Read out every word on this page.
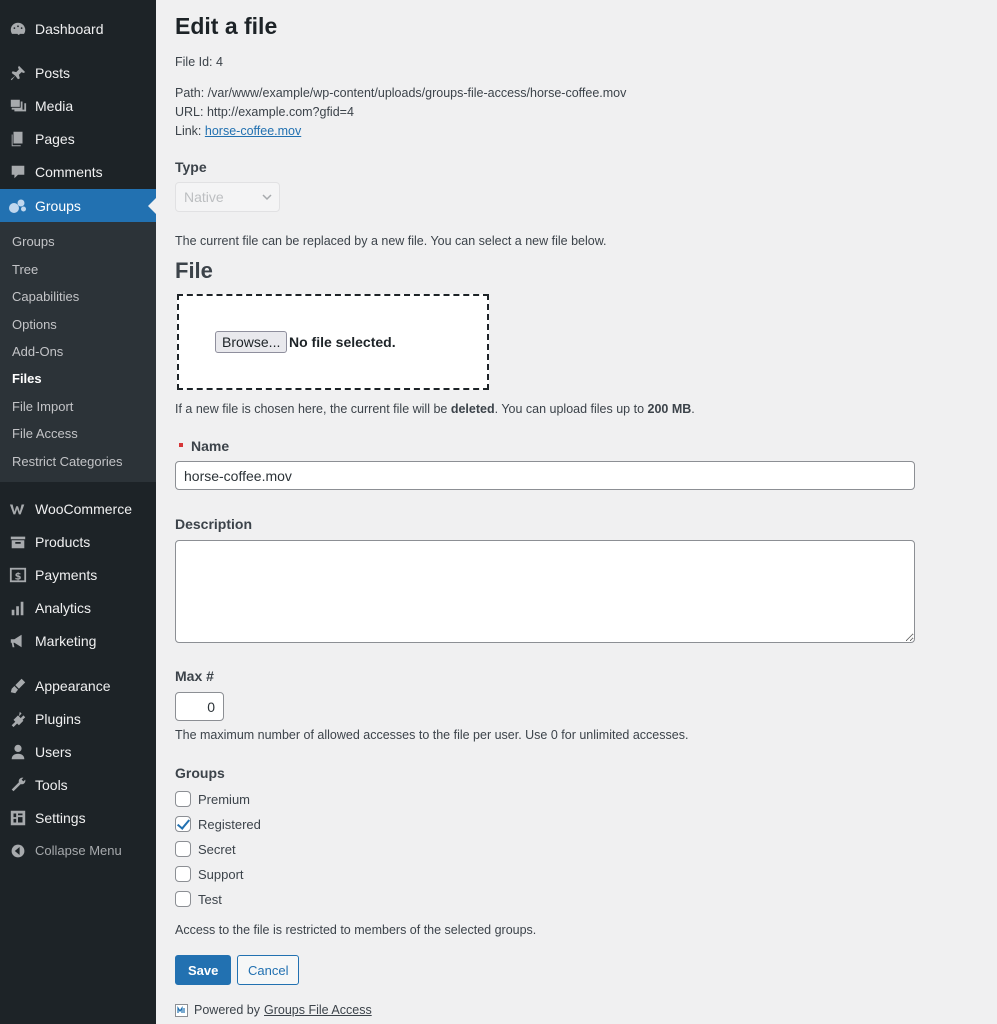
Dashboard
Posts
Media
Pages
Comments
Groups
Groups
Tree
Capabilities
Options
Add-Ons
Files
File Import
File Access
Restrict Categories
WooCommerce
Products
$ Payments
Analytics
Marketing
Appearance
Plugins
Users
Tools
Settings
Collapse Menu
Edit a file
File Id: 4
Path: /var/www/example/wp-content/uploads/groups-file-access/horse-coffee.mov
URL: http://example.com?gfid=4
Link: horse-coffee.mov
Type
Native
The current file can be replaced by a new file. You can select a new file below.
File
Browse... No file selected.
If a new file is chosen here, the current file will be deleted. You can upload files up to 200 MB.
Name
horse-coffee.mov
Description
Max #
0
The maximum number of allowed accesses to the file per user. Use 0 for unlimited accesses.
Groups
Premium
Registered
Secret
Support
Test
Access to the file is restricted to members of the selected groups.
Save	Cancel
Powered by Groups File Access
